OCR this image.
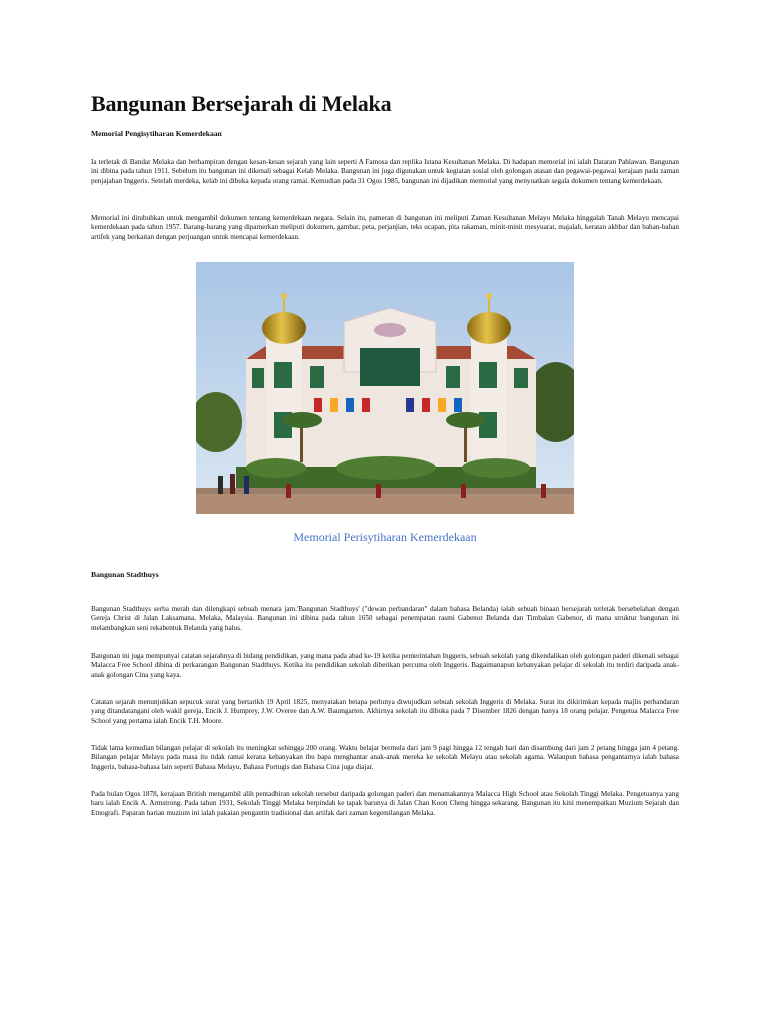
Bangunan Bersejarah di Melaka
Memorial Pengisytiharan Kemerdekaan

Ia terletak di Bandar Melaka dan berhampiran dengan kesan-kesan sejarah yang lain seperti A Famosa dan replika Istana Kesultanan Melaka. Di hadapan memorial ini ialah Dataran Pahlawan. Bangunan ini dibina pada tahun 1911. Sebelum itu bangunan ini dikenali sebagai Kelab Melaka. Bangunan ini juga digunakan untuk kegiatan sosial oleh golongan atasan dan pegawai-pegawai kerajaan pada zaman penjajahan Inggeris. Setelah merdeka, kelab ini dibuka kepada orang ramai. Kemudian pada 31 Ogos 1985, bangunan ini dijadikan memorial yang menyuatkan segala dokumen tentang kemerdekaan.

Memorial ini ditubuhkan untuk mengambil dokumen tentang kemerdekaan negara. Selain itu, pameran di bangunan ini meliputi Zaman Kesultanan Melayu Melaka hinggalah Tanah Melayu mencapai kemerdekaan pada tahun 1957. Barang-barang yang dipamerkan meliputi dokumen, gambar, peta, perjanjian, teks ucapan, pita rakaman, minit-minit mesyuarat, majalah, keratan akhbar dan bahan-bahan artifek yang berkaitan dengan perjuangan untuk mencapai kemerdekaan.

Memorial Perisytiharan Kemerdekaan
Bangunan Stadthuys

Bangunan Stadthuys serba merah dan dilengkapi sebuah menara jam.'Bangunan Stadthuys' ("dewan perbandaran" dalam bahasa Belanda) ialah sebuah binaan bersejarah terletak bersebelahan dengan Gereja Christ di Jalan Laksamana, Melaka, Malaysia. Bangunan ini dibina pada tahun 1650 sebagai penempatan rasmi Gabenor Belanda dan Timbalan Gabenor, di mana struktur bangunan ini melambangkan seni rekabentuk Belanda yang halus.

Bangunan ini juga mempunyai catatan sejarahnya di bidang pendidikan, yang mana pada abad ke-19 ketika pemerintahan Inggeris, sebuah sekolah yang dikendalikan oleh golongan paderi dikenali sebagai Malacca Free School dibina di perkarangan Bangunan Stadthuys. Ketika itu pendidikan sekolah diberikan percuma oleh Inggeris. Bagaimanapun kebanyakan pelajar di sekolah itu terdiri daripada anak-anak golongan Cina yang kaya.

Catatan sejarah menunjukkan sepucuk surat yang bertarikh 19 April 1825, menyatakan betapa perlunya diwujudkan sebuah sekolah Inggeris di Melaka. Surat itu dikirimkan kepada majlis perbandaran yang ditandatangani oleh wakil gereja, Encik J. Humprey, J.W. Overee dan A.W. Baumgarten. Akhirnya sekolah itu dibuka pada 7 Disember 1826 dengan hanya 18 orang pelajar. Pengetua Malacca Free School yang pertama ialah Encik T.H. Moore.

Tidak lama kemudian bilangan pelajar di sekolah itu meningkat sehingga 200 orang. Waktu belajar bermula dari jam 9 pagi hingga 12 tengah hari dan disambung dari jam 2 petang hingga jam 4 petang. Bilangan pelajar Melayu pada masa itu tidak ramai kerana kebanyakan ibu bapa menghantar anak-anak mereka ke sekolah Melayu atau sekolah agama. Walaupun bahasa pengantarnya ialah bahasa Inggeris, bahasa-bahasa lain seperti Bahasa Melayu, Bahasa Portugis dan Bahasa Cina juga diajar.

Pada bulan Ogos 1878, kerajaan British mengambil alih pentadbiran sekolah tersebut daripada golongan paderi dan menamakannya Malacca High School atau Sekolah Tinggi Melaka. Pengetuanya yang baru ialah Encik A. Armstrong. Pada tahun 1931, Sekolah Tinggi Melaka berpindah ke tapak barunya di Jalan Chan Koon Cheng hingga sekarang. Bangunan itu kini menempatkan Muzium Sejarah dan Etnografi. Paparan harian muzium ini ialah pakaian pengantin tradisional dan artifak dari zaman kegemilangan Melaka.
